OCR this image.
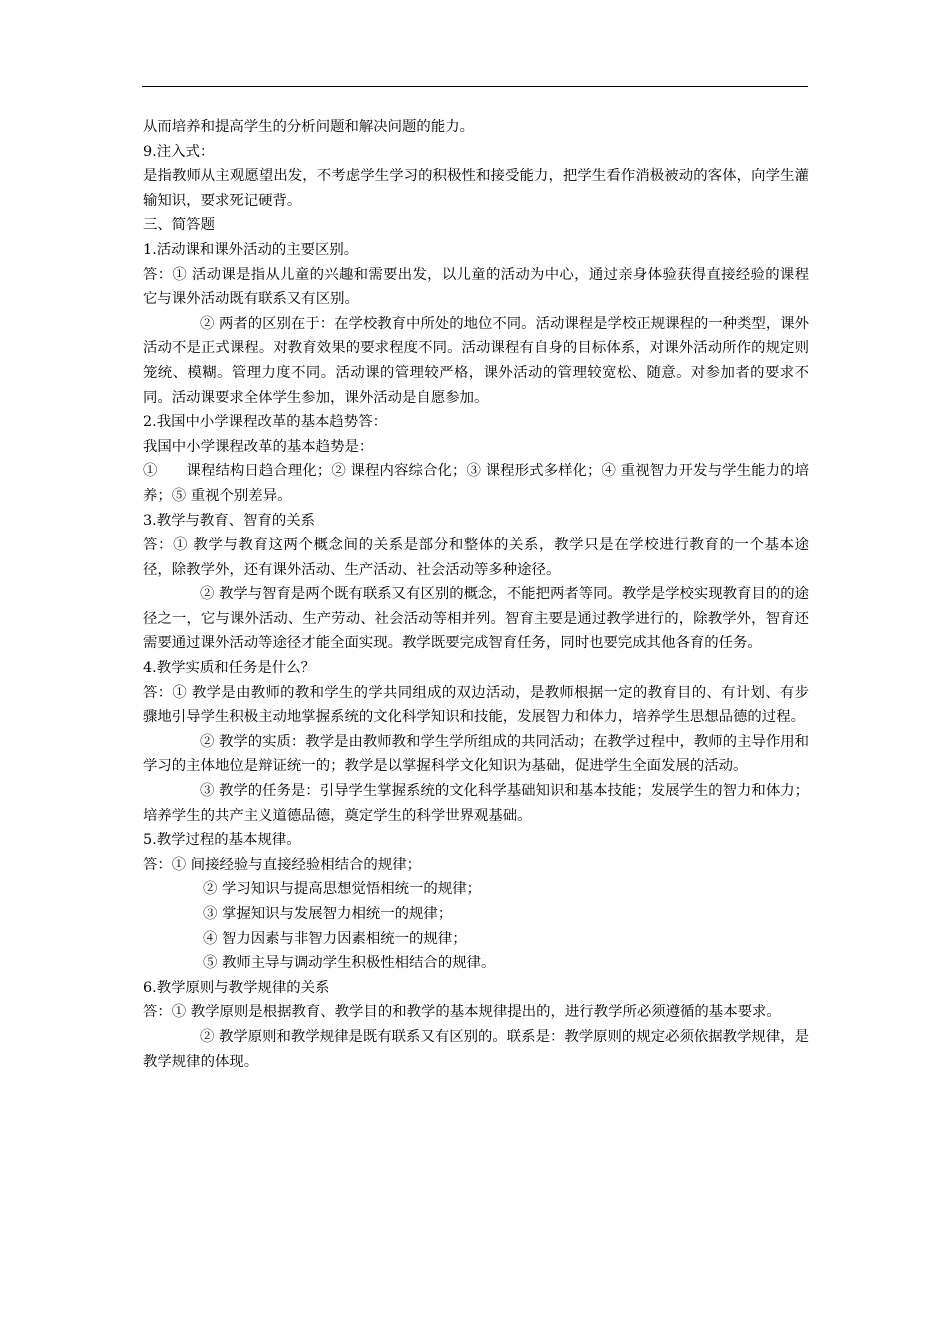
从而培养和提高学生的分析问题和解决问题的能力。

9.注入式：

是指教师从主观愿望出发，不考虑学生学习的积极性和接受能力，把学生看作消极被动的客体，向学生灌输知识，要求死记硬背。

三、简答题

1.活动课和课外活动的主要区别。

答：① 活动课是指从儿童的兴趣和需要出发，以儿童的活动为中心，通过亲身体验获得直接经验的课程它与课外活动既有联系又有区别。

② 两者的区别在于：在学校教育中所处的地位不同。活动课程是学校正规课程的一种类型，课外活动不是正式课程。对教育效果的要求程度不同。活动课程有自身的目标体系，对课外活动所作的规定则笼统、模糊。管理力度不同。活动课的管理较严格，课外活动的管理较宽松、随意。对参加者的要求不同。活动课要求全体学生参加，课外活动是自愿参加。

2.我国中小学课程改革的基本趋势答：

我国中小学课程改革的基本趋势是：

①　　课程结构日趋合理化；② 课程内容综合化；③ 课程形式多样化；④ 重视智力开发与学生能力的培养；⑤ 重视个别差异。

3.教学与教育、智育的关系

答：① 教学与教育这两个概念间的关系是部分和整体的关系，教学只是在学校进行教育的一个基本途径，除教学外，还有课外活动、生产活动、社会活动等多种途径。

② 教学与智育是两个既有联系又有区别的概念，不能把两者等同。教学是学校实现教育目的的途径之一，它与课外活动、生产劳动、社会活动等相并列。智育主要是通过教学进行的，除教学外，智育还需要通过课外活动等途径才能全面实现。教学既要完成智育任务，同时也要完成其他各育的任务。

4.教学实质和任务是什么？

答：① 教学是由教师的教和学生的学共同组成的双边活动，是教师根据一定的教育目的、有计划、有步骤地引导学生积极主动地掌握系统的文化科学知识和技能，发展智力和体力，培养学生思想品德的过程。

② 教学的实质：教学是由教师教和学生学所组成的共同活动；在教学过程中，教师的主导作用和学习的主体地位是辩证统一的；教学是以掌握科学文化知识为基础，促进学生全面发展的活动。

③ 教学的任务是：引导学生掌握系统的文化科学基础知识和基本技能；发展学生的智力和体力；培养学生的共产主义道德品德，奠定学生的科学世界观基础。

5.教学过程的基本规律。

答：① 间接经验与直接经验相结合的规律；

② 学习知识与提高思想觉悟相统一的规律；

③ 掌握知识与发展智力相统一的规律；

④ 智力因素与非智力因素相统一的规律；

⑤ 教师主导与调动学生积极性相结合的规律。

6.教学原则与教学规律的关系

答：① 教学原则是根据教育、教学目的和教学的基本规律提出的，进行教学所必须遵循的基本要求。

② 教学原则和教学规律是既有联系又有区别的。联系是：教学原则的规定必须依据教学规律，是教学规律的体现。
